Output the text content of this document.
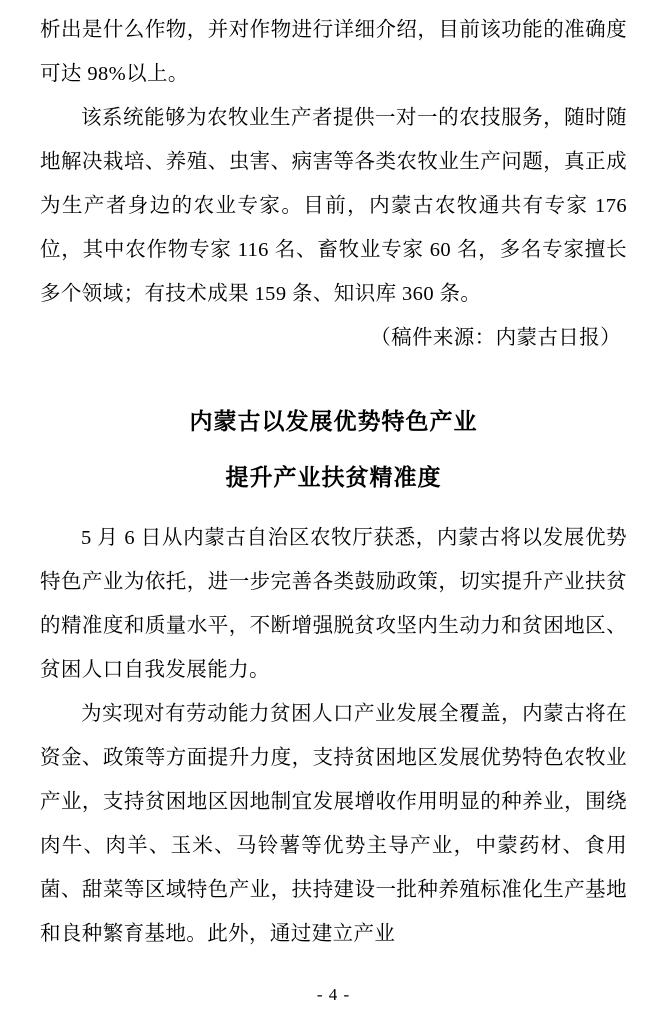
析出是什么作物，并对作物进行详细介绍，目前该功能的准确度可达 98%以上。

该系统能够为农牧业生产者提供一对一的农技服务，随时随地解决栽培、养殖、虫害、病害等各类农牧业生产问题，真正成为生产者身边的农业专家。目前，内蒙古农牧通共有专家 176 位，其中农作物专家 116 名、畜牧业专家 60 名，多名专家擅长多个领域；有技术成果 159 条、知识库 360 条。

（稿件来源：内蒙古日报）

内蒙古以发展优势特色产业
提升产业扶贫精准度

5 月 6 日从内蒙古自治区农牧厅获悉，内蒙古将以发展优势特色产业为依托，进一步完善各类鼓励政策，切实提升产业扶贫的精准度和质量水平，不断增强脱贫攻坚内生动力和贫困地区、贫困人口自我发展能力。

为实现对有劳动能力贫困人口产业发展全覆盖，内蒙古将在资金、政策等方面提升力度，支持贫困地区发展优势特色农牧业产业，支持贫困地区因地制宜发展增收作用明显的种养业，围绕肉牛、肉羊、玉米、马铃薯等优势主导产业，中蒙药材、食用菌、甜菜等区域特色产业，扶持建设一批种养殖标准化生产基地和良种繁育基地。此外，通过建立产业

- 4 -
